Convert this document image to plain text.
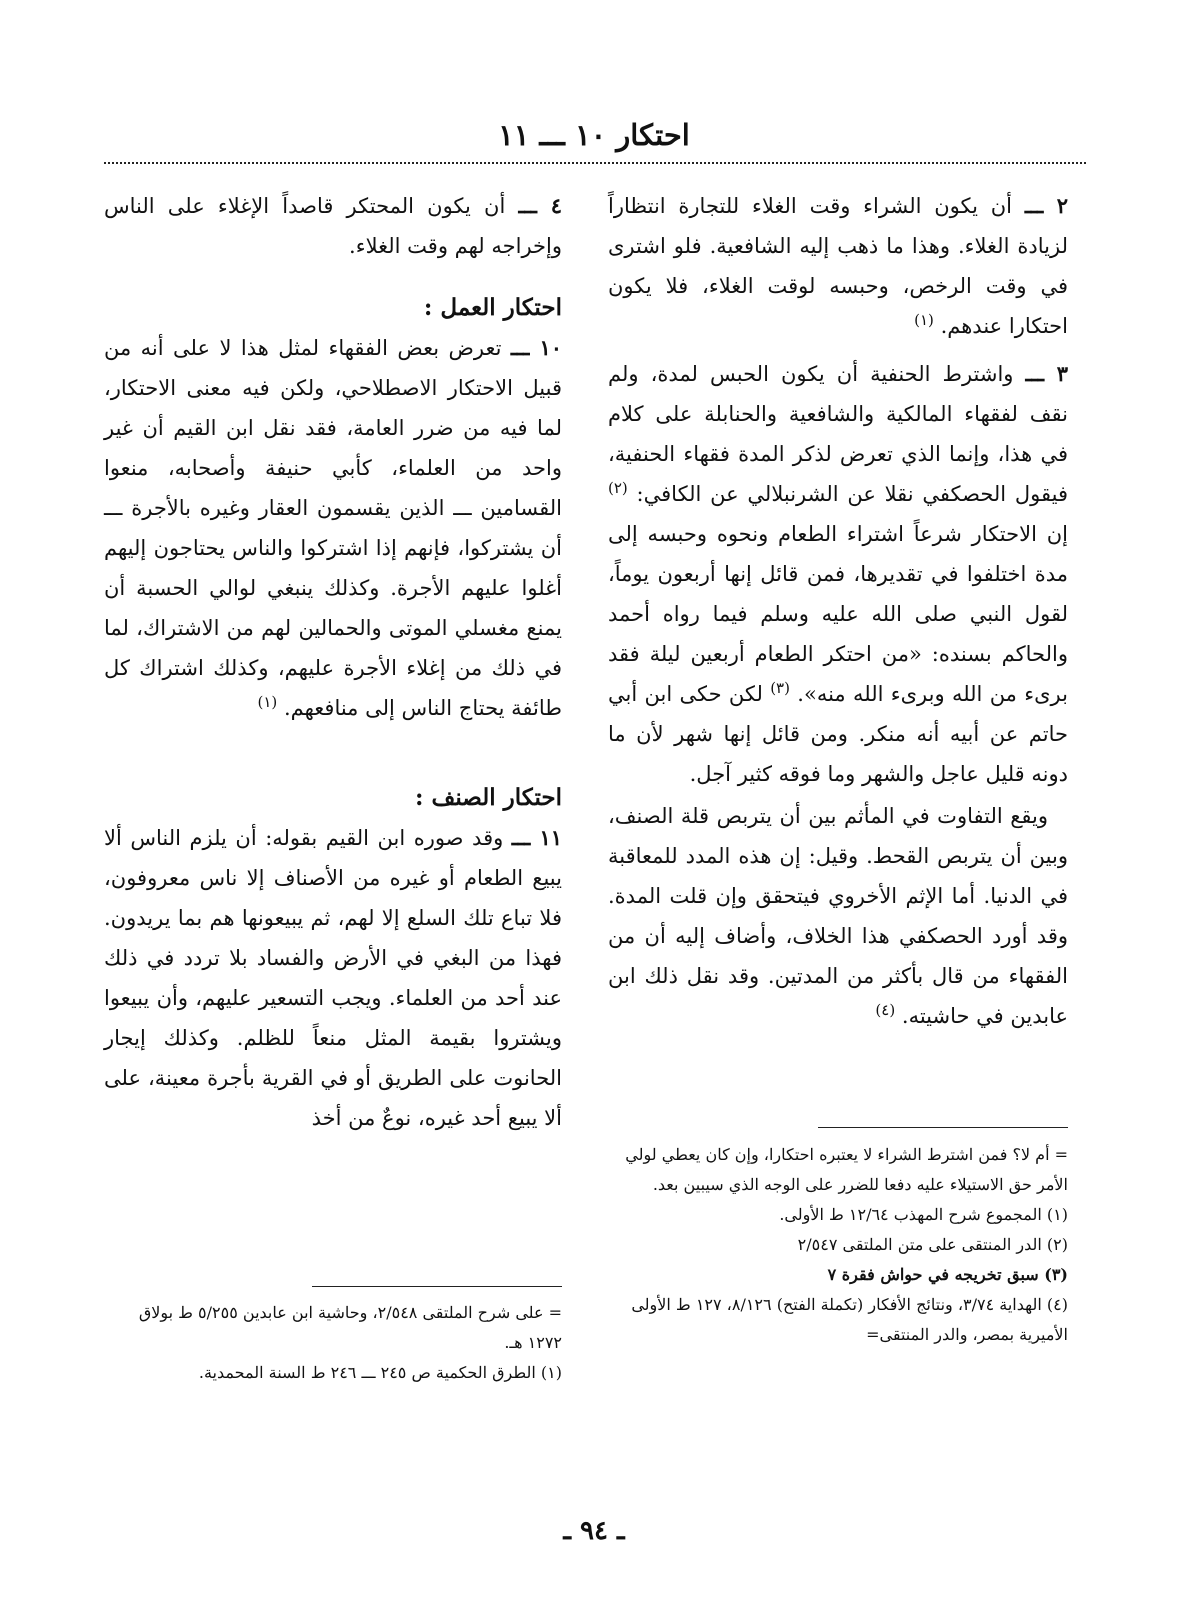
احتكار ١٠ ـــ ١١

٢ ـــ أن يكون الشراء وقت الغلاء للتجارة انتظاراً لزيادة الغلاء. وهذا ما ذهب إليه الشافعية. فلو اشترى في وقت الرخص، وحبسه لوقت الغلاء، فلا يكون احتكارا عندهم. $^{(١)}$

٣ ـــ واشترط الحنفية أن يكون الحبس لمدة، ولم نقف لفقهاء المالكية والشافعية والحنابلة على كلام في هذا، وإنما الذي تعرض لذكر المدة فقهاء الحنفية، فيقول الحصكفي نقلا عن الشرنبلالي عن الكافي: $^{(٢)}$ إن الاحتكار شرعاً اشتراء الطعام ونحوه وحبسه إلى مدة اختلفوا في تقديرها، فمن قائل إنها أربعون يوماً، لقول النبي صلى الله عليه وسلم فيما رواه أحمد والحاكم بسنده: «من احتكر الطعام أربعين ليلة فقد برىء من الله وبرىء الله منه». $^{(٣)}$ لكن حكى ابن أبي حاتم عن أبيه أنه منكر. ومن قائل إنها شهر لأن ما دونه قليل عاجل والشهر وما فوقه كثير آجل.

ويقع التفاوت في المأثم بين أن يتربص قلة الصنف، وبين أن يتربص القحط. وقيل: إن هذه المدد للمعاقبة في الدنيا. أما الإثم الأخروي فيتحقق وإن قلت المدة. وقد أورد الحصكفي هذا الخلاف، وأضاف إليه أن من الفقهاء من قال بأكثر من المدتين. وقد نقل ذلك ابن عابدين في حاشيته. $^{(٤)}$

٤ ـــ أن يكون المحتكر قاصداً الإغلاء على الناس وإخراجه لهم وقت الغلاء.

احتكار العمل :

١٠ ـــ تعرض بعض الفقهاء لمثل هذا لا على أنه من قبيل الاحتكار الاصطلاحي، ولكن فيه معنى الاحتكار، لما فيه من ضرر العامة، فقد نقل ابن القيم أن غير واحد من العلماء، كأبي حنيفة وأصحابه، منعوا القسامين ـــ الذين يقسمون العقار وغيره بالأجرة ـــ أن يشتركوا، فإنهم إذا اشتركوا والناس يحتاجون إليهم أغلوا عليهم الأجرة. وكذلك ينبغي لوالي الحسبة أن يمنع مغسلي الموتى والحمالين لهم من الاشتراك، لما في ذلك من إغلاء الأجرة عليهم، وكذلك اشتراك كل طائفة يحتاج الناس إلى منافعهم. $^{(١)}$

احتكار الصنف :

١١ ـــ وقد صوره ابن القيم بقوله: أن يلزم الناس ألا يبيع الطعام أو غيره من الأصناف إلا ناس معروفون، فلا تباع تلك السلع إلا لهم، ثم يبيعونها هم بما يريدون. فهذا من البغي في الأرض والفساد بلا تردد في ذلك عند أحد من العلماء. ويجب التسعير عليهم، وأن يبيعوا ويشتروا بقيمة المثل منعاً للظلم. وكذلك إيجار الحانوت على الطريق أو في القرية بأجرة معينة، على ألا يبيع أحد غيره، نوعٌ من أخذ

= أم لا؟ فمن اشترط الشراء لا يعتبره احتكارا، وإن كان يعطي لولي الأمر حق الاستيلاء عليه دفعا للضرر على الوجه الذي سيبين بعد.

(١) المجموع شرح المهذب ١٢/٦٤ ط الأولى.

(٢) الدر المنتقى على متن الملتقى ٢/٥٤٧

(٣) سبق تخريجه في حواش فقرة ٧

(٤) الهداية ٣/٧٤، ونتائج الأفكار (تكملة الفتح) ٨/١٢٦، ١٢٧ ط الأولى الأميرية بمصر، والدر المنتقى=

= على شرح الملتقى ٢/٥٤٨، وحاشية ابن عابدين ٥/٢٥٥ ط بولاق ١٢٧٢ هـ.

(١) الطرق الحكمية ص ٢٤٥ ـــ ٢٤٦ ط السنة المحمدية.

ـ ٩٤ ـ
